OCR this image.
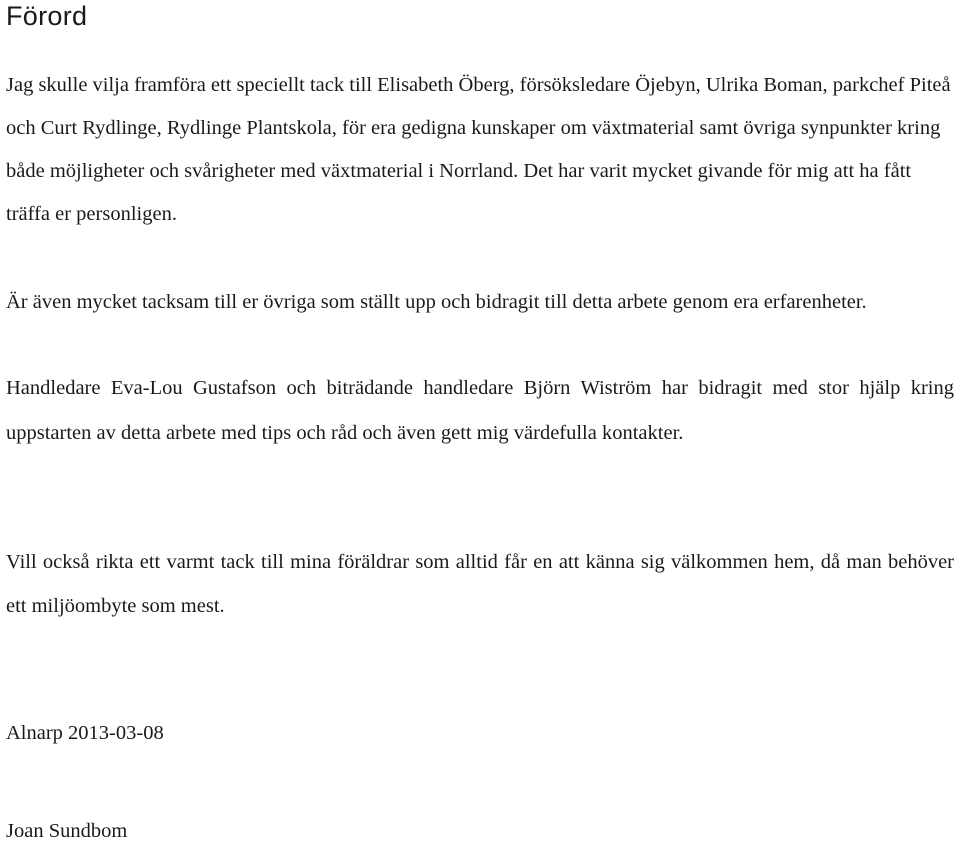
Förord

Jag skulle vilja framföra ett speciellt tack till Elisabeth Öberg, försöksledare Öjebyn, Ulrika Boman, parkchef Piteå och Curt Rydlinge, Rydlinge Plantskola, för era gedigna kunskaper om växtmaterial samt övriga synpunkter kring både möjligheter och svårigheter med växtmaterial i Norrland. Det har varit mycket givande för mig att ha fått träffa er personligen.

Är även mycket tacksam till er övriga som ställt upp och bidragit till detta arbete genom era erfarenheter.

Handledare Eva-Lou Gustafson och biträdande handledare Björn Wiström har bidragit med stor hjälp kring uppstarten av detta arbete med tips och råd och även gett mig värdefulla kontakter.

Vill också rikta ett varmt tack till mina föräldrar som alltid får en att känna sig välkommen hem, då man behöver ett miljöombyte som mest.

Alnarp 2013-03-08

Joan Sundbom
